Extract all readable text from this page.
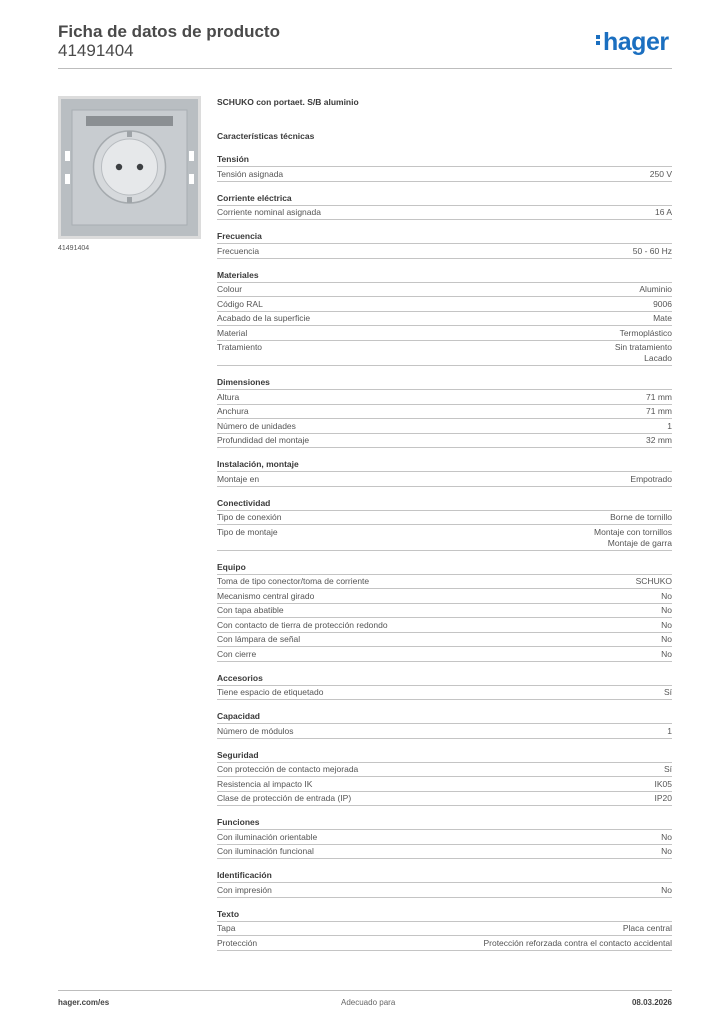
Ficha de datos de producto
41491404	hager
41491404
SCHUKO con portaet. S/B aluminio
Características técnicas
Tensión
Tensión asignada	250 V
Corriente eléctrica
Corriente nominal asignada	16 A
Frecuencia
Frecuencia	50 - 60 Hz
Materiales
Colour	Aluminio
Código RAL	9006
Acabado de la superficie	Mate
Material	Termoplástico
Tratamiento	Sin tratamiento
Lacado
Dimensiones
Altura	71 mm
Anchura	71 mm
Número de unidades	1
Profundidad del montaje	32 mm
Instalación, montaje
Montaje en	Empotrado
Conectividad
Tipo de conexión	Borne de tornillo
Tipo de montaje	Montaje con tornillos
Montaje de garra
Equipo
Toma de tipo conector/toma de corriente	SCHUKO
Mecanismo central girado	No
Con tapa abatible	No
Con contacto de tierra de protección redondo	No
Con lámpara de señal	No
Con cierre	No
Accesorios
Tiene espacio de etiquetado	Sí
Capacidad
Número de módulos	1
Seguridad
Con protección de contacto mejorada	Sí
Resistencia al impacto IK	IK05
Clase de protección de entrada (IP)	IP20
Funciones
Con iluminación orientable	No
Con iluminación funcional	No
Identificación
Con impresión	No
Texto
Tapa	Placa central
Protección	Protección reforzada contra el contacto accidental
hager.com/es	Adecuado para	08.03.2026
